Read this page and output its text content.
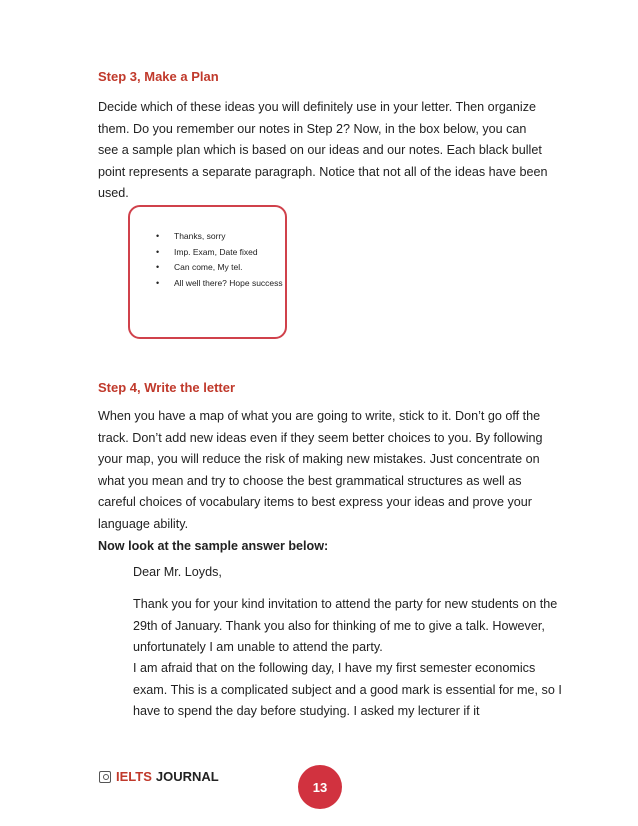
Step 3, Make a Plan
Decide which of these ideas you will definitely use in your letter. Then organize them. Do you remember our notes in Step 2? Now, in the box below, you can see a sample plan which is based on our ideas and our notes. Each black bullet point represents a separate paragraph. Notice that not all of the ideas have been used.
• Thanks, sorry
• Imp. Exam, Date fixed
• Can come, My tel.
• All well there? Hope success
Step 4, Write the letter
When you have a map of what you are going to write, stick to it. Don’t go off the track. Don’t add new ideas even if they seem better choices to you. By following your map, you will reduce the risk of making new mistakes. Just concentrate on what you mean and try to choose the best grammatical structures as well as careful choices of vocabulary items to best express your ideas and prove your language ability.
Now look at the sample answer below:
Dear Mr. Loyds,
Thank you for your kind invitation to attend the party for new students on the 29th of January. Thank you also for thinking of me to give a talk. However, unfortunately I am unable to attend the party.
I am afraid that on the following day, I have my first semester economics exam. This is a complicated subject and a good mark is essential for me, so I have to spend the day before studying. I asked my lecturer if it
IELTS JOURNAL
13
